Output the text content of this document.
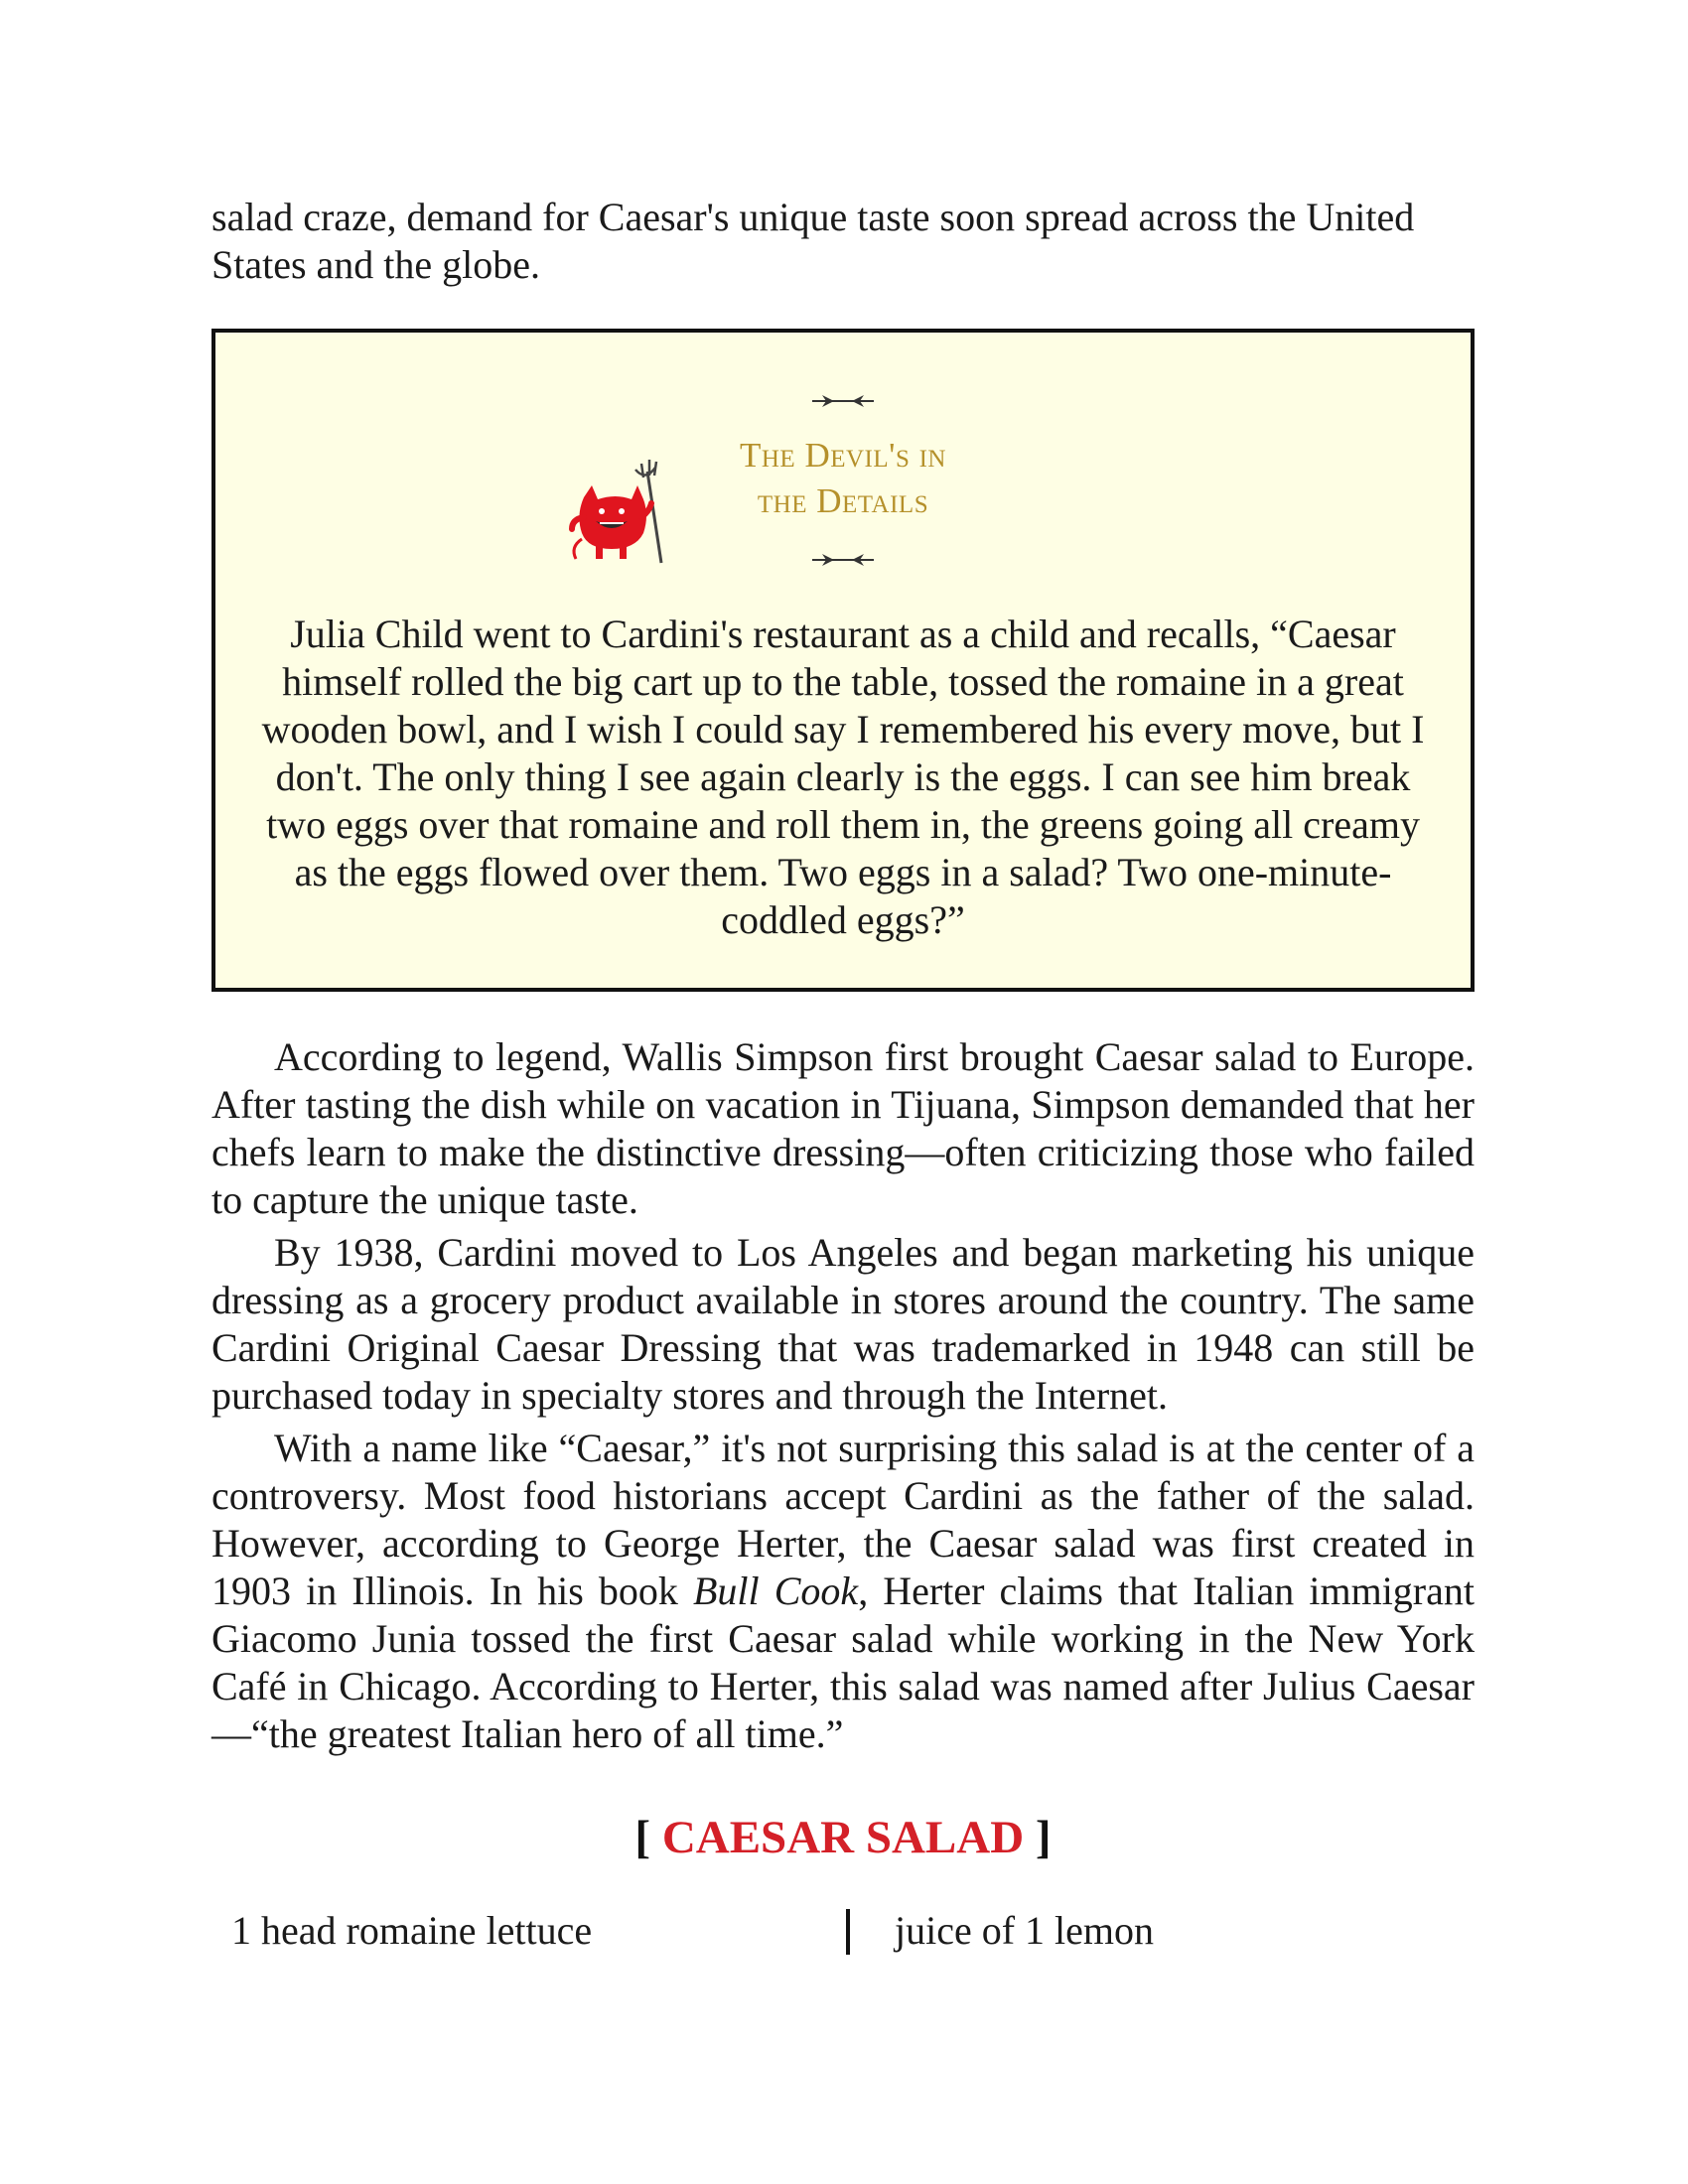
salad craze, demand for Caesar's unique taste soon spread across the United States and the globe.

The Devil's in
the Details
Julia Child went to Cardini's restaurant as a child and recalls, “Caesar himself rolled the big cart up to the table, tossed the romaine in a great wooden bowl, and I wish I could say I remembered his every move, but I don't. The only thing I see again clearly is the eggs. I can see him break two eggs over that romaine and roll them in, the greens going all creamy as the eggs flowed over them. Two eggs in a salad? Two one-minute-coddled eggs?”

According to legend, Wallis Simpson first brought Caesar salad to Europe. After tasting the dish while on vacation in Tijuana, Simpson demanded that her chefs learn to make the distinctive dressing—often criticizing those who failed to capture the unique taste.

By 1938, Cardini moved to Los Angeles and began marketing his unique dressing as a grocery product available in stores around the country. The same Cardini Original Caesar Dressing that was trademarked in 1948 can still be purchased today in specialty stores and through the Internet.

With a name like “Caesar,” it's not surprising this salad is at the center of a controversy. Most food historians accept Cardini as the father of the salad. However, according to George Herter, the Caesar salad was first created in 1903 in Illinois. In his book Bull Cook, Herter claims that Italian immigrant Giacomo Junia tossed the first Caesar salad while working in the New York Café in Chicago. According to Herter, this salad was named after Julius Caesar—“the greatest Italian hero of all time.”

[ CAESAR SALAD ]
1 head romaine lettuce	juice of 1 lemon
